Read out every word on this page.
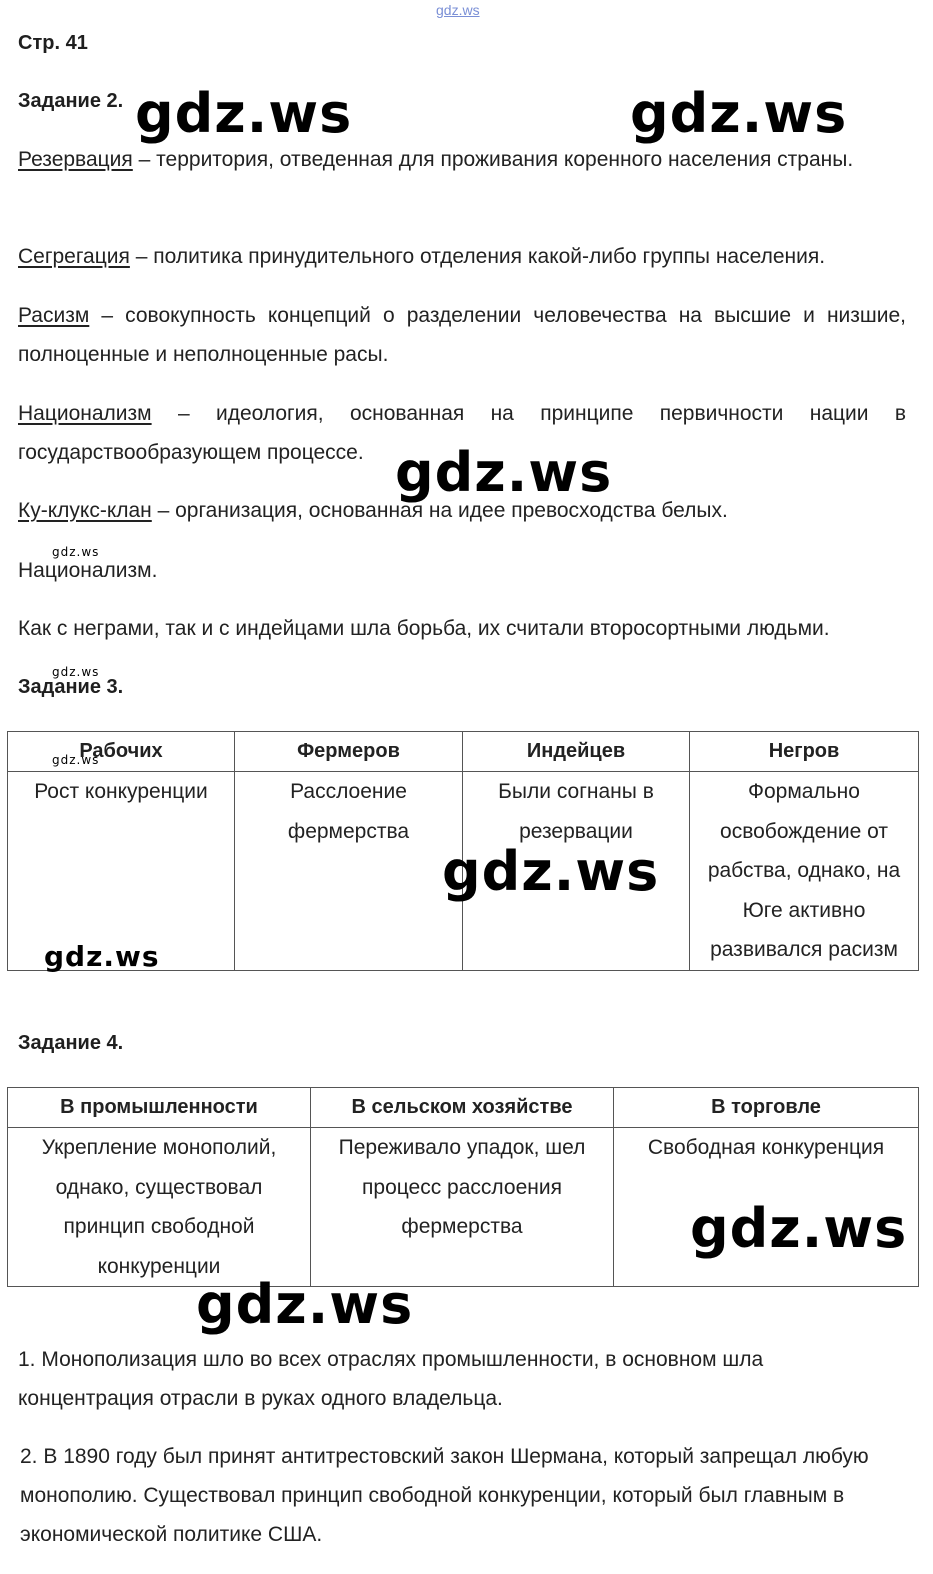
gdz.ws
Стр. 41
Задание 2.
Резервация – территория, отведенная для проживания коренного населения страны.
Сегрегация – политика принудительного отделения какой-либо группы населения.
Расизм – совокупность концепций о разделении человечества на высшие и низшие, полноценные и неполноценные расы.
Национализм – идеология, основанная на принципе первичности нации в государствообразующем процессе.
Ку-клукс-клан – организация, основанная на идее превосходства белых.
Национализм.
Как с неграми, так и с индейцами шла борьба, их считали второсортными людьми.
Задание 3.
Рабочих	Фермеров	Индейцев	Негров
Рост конкуренции	Расслоение фермерства	Были согнаны в резервации	Формально освобождение от рабства, однако, на Юге активно развивался расизм
Задание 4.
В промышленности	В сельском хозяйстве	В торговле
Укрепление монополий, однако, существовал принцип свободной конкуренции	Переживало упадок, шел процесс расслоения фермерства	Свободная конкуренция
1. Монополизация шло во всех отраслях промышленности, в основном шла концентрация отрасли в руках одного владельца.
2. В 1890 году был принят антитрестовский закон Шермана, который запрещал любую монополию. Существовал принцип свободной конкуренции, который был главным в экономической политике США.
gdz.ws	gdz.ws
gdz.ws
gdz.ws
gdz.ws
gdz.ws
gdz.ws
gdz.ws
gdz.ws
gdz.ws
